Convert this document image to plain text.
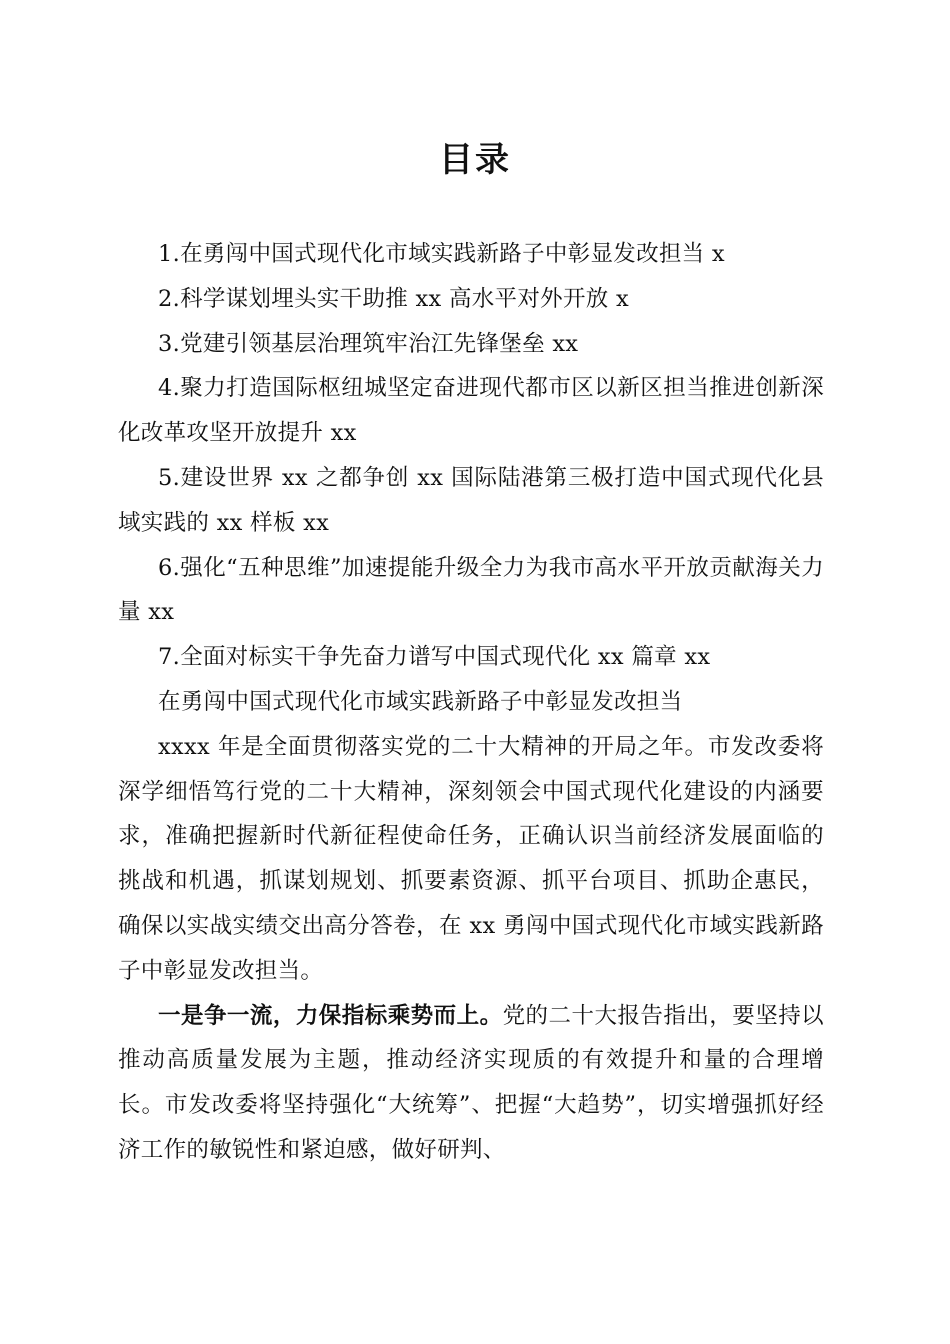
目录

1.在勇闯中国式现代化市域实践新路子中彰显发改担当 x

2.科学谋划埋头实干助推 xx 高水平对外开放 x

3.党建引领基层治理筑牢治江先锋堡垒 xx

4.聚力打造国际枢纽城坚定奋进现代都市区以新区担当推进创新深化改革攻坚开放提升 xx

5.建设世界 xx 之都争创 xx 国际陆港第三极打造中国式现代化县域实践的 xx 样板 xx

6.强化“五种思维”加速提能升级全力为我市高水平开放贡献海关力量 xx

7.全面对标实干争先奋力谱写中国式现代化 xx 篇章 xx

在勇闯中国式现代化市域实践新路子中彰显发改担当

xxxx 年是全面贯彻落实党的二十大精神的开局之年。市发改委将深学细悟笃行党的二十大精神，深刻领会中国式现代化建设的内涵要求，准确把握新时代新征程使命任务，正确认识当前经济发展面临的挑战和机遇，抓谋划规划、抓要素资源、抓平台项目、抓助企惠民，确保以实战实绩交出高分答卷，在 xx 勇闯中国式现代化市域实践新路子中彰显发改担当。

一是争一流，力保指标乘势而上。党的二十大报告指出，要坚持以推动高质量发展为主题，推动经济实现质的有效提升和量的合理增长。市发改委将坚持强化“大统筹”、把握“大趋势”，切实增强抓好经济工作的敏锐性和紧迫感，做好研判、
